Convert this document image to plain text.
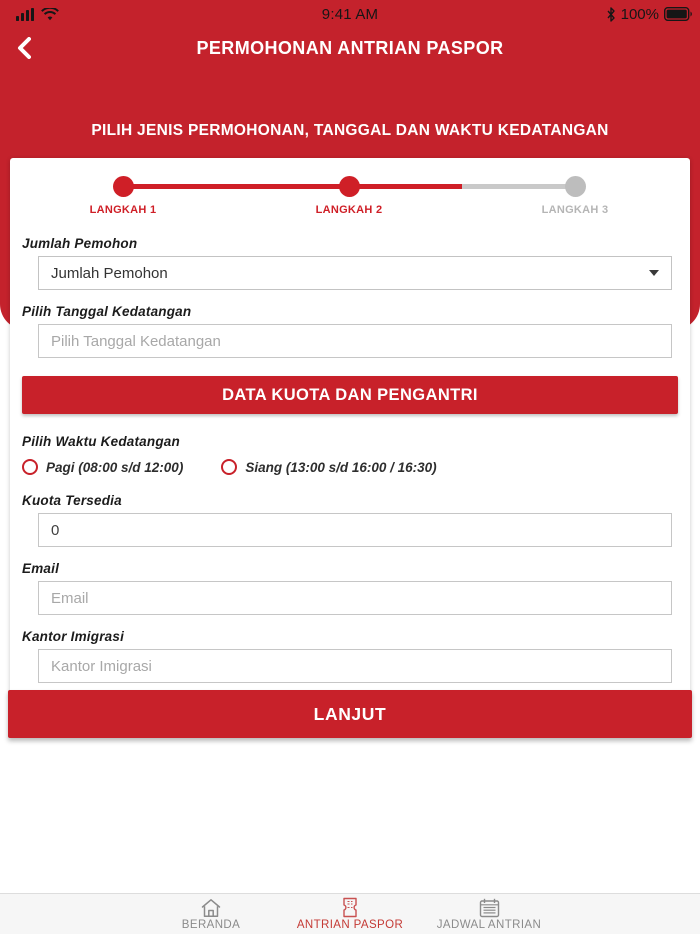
9:41 AM	100%
PERMOHONAN ANTRIAN PASPOR
PILIH JENIS PERMOHONAN, TANGGAL DAN WAKTU KEDATANGAN
LANGKAH 1	LANGKAH 2	LANGKAH 3
Jumlah Pemohon
Jumlah Pemohon
Pilih Tanggal Kedatangan
Pilih Tanggal Kedatangan
DATA KUOTA DAN PENGANTRI
Pilih Waktu Kedatangan
Pagi (08:00 s/d 12:00)	Siang (13:00 s/d 16:00 / 16:30)
Kuota Tersedia
0
Email
Email
Kantor Imigrasi
Kantor Imigrasi
LANJUT
BERANDA	ANTRIAN PASPOR	JADWAL ANTRIAN
